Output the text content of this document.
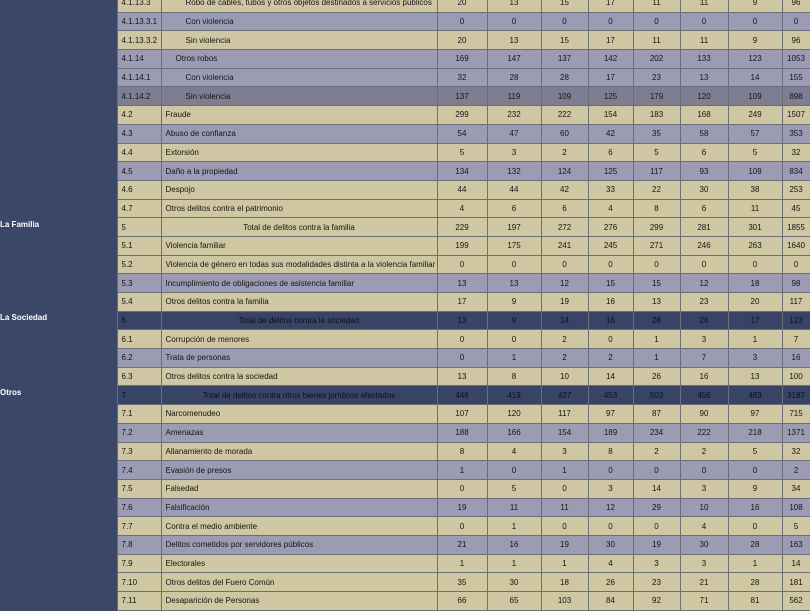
	4.1.13.3	Robo de cables, tubos y otros objetos destinados a servicios públicos	20	13	15	17	11	11	9	96	
	4.1.13.3.1	Con violencia	0	0	0	0	0	0	0	0	
	4.1.13.3.2	Sin violencia	20	13	15	17	11	11	9	96	
	4.1.14	Otros robos	169	147	137	142	202	133	123	1053	
	4.1.14.1	Con violencia	32	28	28	17	23	13	14	155	
	4.1.14.2	Sin violencia	137	119	109	125	179	120	109	898	
	4.2	Fraude	299	232	222	154	183	168	249	1507	
	4.3	Abuso de confianza	54	47	60	42	35	58	57	353	
	4.4	Extorsión	5	3	2	6	5	6	5	32	
	4.5	Daño a la propiedad	134	132	124	125	117	93	109	834	
	4.6	Despojo	44	44	42	33	22	30	38	253	
	4.7	Otros delitos contra el patrimonio	4	6	6	4	8	6	11	45	
La Familia	5	Total de delitos contra la familia	229	197	272	276	299	281	301	1855	
	5.1	Violencia familiar	199	175	241	245	271	246	263	1640	
	5.2	Violencia de género en todas sus modalidades distinta a la violencia familiar	0	0	0	0	0	0	0	0	
	5.3	Incumplimiento de obligaciones de asistencia familiar	13	13	12	15	15	12	18	98	
	5.4	Otros delitos contra la familia	17	9	19	16	13	23	20	117	
La Sociedad	6	Total de delitos contra la sociedad	13	9	14	16	28	26	17	123	
	6.1	Corrupción de menores	0	0	2	0	1	3	1	7	
	6.2	Trata de personas	0	1	2	2	1	7	3	16	
	6.3	Otros delitos contra la sociedad	13	8	10	14	26	16	13	100	
Otros	7	Total de delitos contra otros bienes jurídicos afectados	446	419	427	453	503	456	483	3187	
	7.1	Narcomenudeo	107	120	117	97	87	90	97	715	
	7.2	Amenazas	188	166	154	189	234	222	218	1371	
	7.3	Allanamiento de morada	8	4	3	8	2	2	5	32	
	7.4	Evasión de presos	1	0	1	0	0	0	0	2	
	7.5	Falsedad	0	5	0	3	14	3	9	34	
	7.6	Falsificación	19	11	11	12	29	10	16	108	
	7.7	Contra el medio ambiente	0	1	0	0	0	4	0	5	
	7.8	Delitos cometidos por servidores públicos	21	16	19	30	19	30	28	163	
	7.9	Electorales	1	1	1	4	3	3	1	14	
	7.10	Otros delitos del Fuero Común	35	30	18	26	23	21	28	181	
	7.11	Desaparición de Personas	66	65	103	84	92	71	81	562	
